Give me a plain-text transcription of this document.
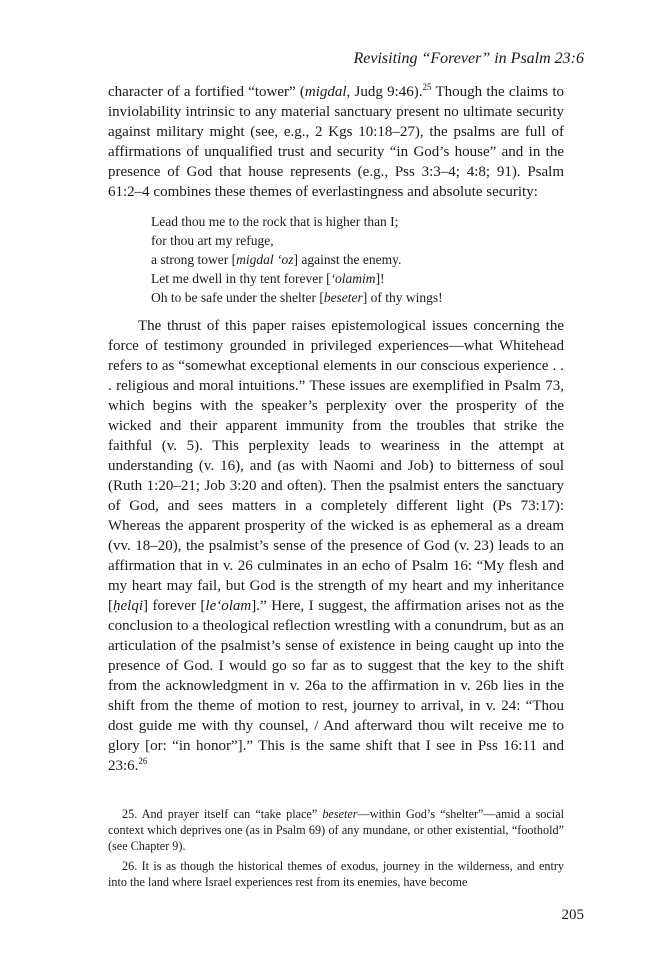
Revisiting “Forever” in Psalm 23:6

character of a fortified “tower” (migdal, Judg 9:46).$^{25}$ Though the claims to inviolability intrinsic to any material sanctuary present no ultimate security against military might (see, e.g., 2 Kgs 10:18–27), the psalms are full of affirmations of unqualified trust and security “in God’s house” and in the presence of God that house represents (e.g., Pss 3:3–4; 4:8; 91). Psalm 61:2–4 combines these themes of everlastingness and absolute security:

Lead thou me to the rock that is higher than I;
for thou art my refuge,
a strong tower [migdal ‘oz] against the enemy.
Let me dwell in thy tent forever [‘olamim]!
Oh to be safe under the shelter [beseter] of thy wings!

The thrust of this paper raises epistemological issues concerning the force of testimony grounded in privileged experiences—what Whitehead refers to as “somewhat exceptional elements in our conscious experience . . . religious and moral intuitions.” These issues are exemplified in Psalm 73, which begins with the speaker’s perplexity over the prosperity of the wicked and their apparent immunity from the troubles that strike the faithful (v. 5). This perplexity leads to weariness in the attempt at understanding (v. 16), and (as with Naomi and Job) to bitterness of soul (Ruth 1:20–21; Job 3:20 and often). Then the psalmist enters the sanctuary of God, and sees matters in a completely different light (Ps 73:17): Whereas the apparent prosperity of the wicked is as ephemeral as a dream (vv. 18–20), the psalmist’s sense of the presence of God (v. 23) leads to an affirmation that in v. 26 culminates in an echo of Psalm 16: “My flesh and my heart may fail, but God is the strength of my heart and my inheritance [ḥelqi] forever [le‘olam].” Here, I suggest, the affirmation arises not as the conclusion to a theological reflection wrestling with a conundrum, but as an articulation of the psalmist’s sense of existence in being caught up into the presence of God. I would go so far as to suggest that the key to the shift from the acknowledgment in v. 26a to the affirmation in v. 26b lies in the shift from the theme of motion to rest, journey to arrival, in v. 24: “Thou dost guide me with thy counsel, / And afterward thou wilt receive me to glory [or: “in honor”].” This is the same shift that I see in Pss 16:11 and 23:6.26

25. And prayer itself can “take place” beseter—within God’s “shelter”—amid a social context which deprives one (as in Psalm 69) of any mundane, or other existential, “foothold” (see Chapter 9).

26. It is as though the historical themes of exodus, journey in the wilderness, and entry into the land where Israel experiences rest from its enemies, have become

205
